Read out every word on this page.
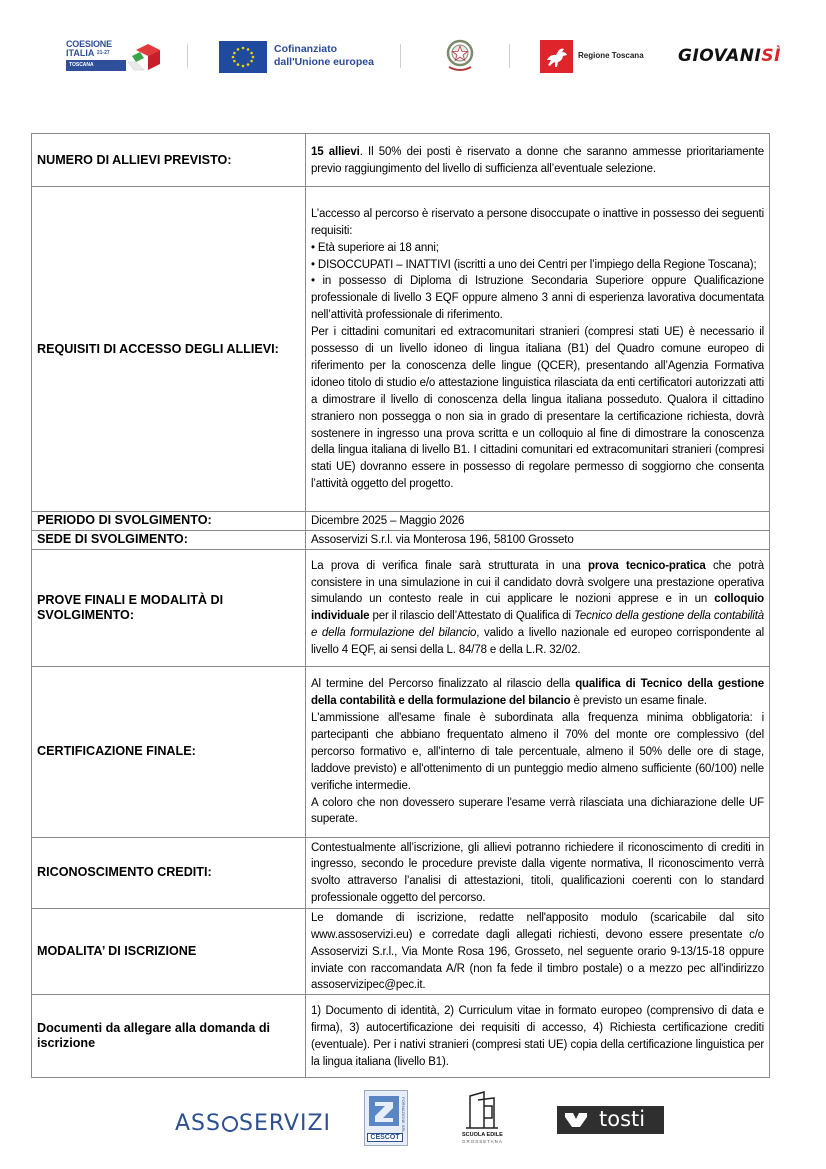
COESIONE
ITALIA $^{21-27}$
TOSCANA
Cofinanziato
dall'Unione europea
Regione Toscana GIOVANISÌ
NUMERO DI ALLIEVI PREVISTO:	15 allievi. Il 50% dei posti è riservato a donne che saranno ammesse prioritariamente previo raggiungimento del livello di sufficienza all’eventuale selezione.
REQUISITI DI ACCESSO DEGLI ALLIEVI:	L’accesso al percorso è riservato a persone disoccupate o inattive in possesso dei seguenti requisiti:

• Età superiore ai 18 anni;

• DISOCCUPATI – INATTIVI (iscritti a uno dei Centri per l’impiego della Regione Toscana);

• in possesso di Diploma di Istruzione Secondaria Superiore oppure Qualificazione professionale di livello 3 EQF oppure almeno 3 anni di esperienza lavorativa documentata nell’attività professionale di riferimento.

Per i cittadini comunitari ed extracomunitari stranieri (compresi stati UE) è necessario il possesso di un livello idoneo di lingua italiana (B1) del Quadro comune europeo di riferimento per la conoscenza delle lingue (QCER), presentando all’Agenzia Formativa idoneo titolo di studio e/o attestazione linguistica rilasciata da enti certificatori autorizzati atti a dimostrare il livello di conoscenza della lingua italiana posseduto. Qualora il cittadino straniero non possegga o non sia in grado di presentare la certificazione richiesta, dovrà sostenere in ingresso una prova scritta e un colloquio al fine di dimostrare la conoscenza della lingua italiana di livello B1. I cittadini comunitari ed extracomunitari stranieri (compresi stati UE) dovranno essere in possesso di regolare permesso di soggiorno che consenta l’attività oggetto del progetto.

PERIODO DI SVOLGIMENTO:	Dicembre 2025 – Maggio 2026
SEDE DI SVOLGIMENTO:	Assoservizi S.r.l. via Monterosa 196, 58100 Grosseto
PROVE FINALI E MODALITÀ DI SVOLGIMENTO:	La prova di verifica finale sarà strutturata in una prova tecnico-pratica che potrà consistere in una simulazione in cui il candidato dovrà svolgere una prestazione operativa simulando un contesto reale in cui applicare le nozioni apprese e in un colloquio individuale per il rilascio dell’Attestato di Qualifica di Tecnico della gestione della contabilità e della formulazione del bilancio, valido a livello nazionale ed europeo corrispondente al livello 4 EQF, ai sensi della L. 84/78 e della L.R. 32/02.
CERTIFICAZIONE FINALE:	Al termine del Percorso finalizzato al rilascio della qualifica di Tecnico della gestione della contabilità e della formulazione del bilancio è previsto un esame finale.

L'ammissione all'esame finale è subordinata alla frequenza minima obbligatoria: i partecipanti che abbiano frequentato almeno il 70% del monte ore complessivo (del percorso formativo e, all’interno di tale percentuale, almeno il 50% delle ore di stage, laddove previsto) e all'ottenimento di un punteggio medio almeno sufficiente (60/100) nelle verifiche intermedie.

A coloro che non dovessero superare l'esame verrà rilasciata una dichiarazione delle UF superate.

RICONOSCIMENTO CREDITI:	Contestualmente all’iscrizione, gli allievi potranno richiedere il riconoscimento di crediti in ingresso, secondo le procedure previste dalla vigente normativa, Il riconoscimento verrà svolto attraverso l’analisi di attestazioni, titoli, qualificazioni coerenti con lo standard professionale oggetto del percorso.
MODALITA’ DI ISCRIZIONE	Le domande di iscrizione, redatte nell'apposito modulo (scaricabile dal sito www.assoservizi.eu) e corredate dagli allegati richiesti, devono essere presentate c/o Assoservizi S.r.l., Via Monte Rosa 196, Grosseto, nel seguente orario 9-13/15-18 oppure inviate con raccomandata A/R (non fa fede il timbro postale) o a mezzo pec all'indirizzo assoservizipec@pec.it.
Documenti da allegare alla domanda di iscrizione	1) Documento di identità, 2) Curriculum vitae in formato europeo (comprensivo di data e firma), 3) autocertificazione dei requisiti di accesso, 4) Richiesta certificazione crediti (eventuale). Per i nativi stranieri (compresi stati UE) copia della certificazione linguistica per la lingua italiana (livello B1).
ASS SERVIZI
CESCOT
FORMAZIONE SRL
SCUOLA EDILE
GROSSETANA
tosti
